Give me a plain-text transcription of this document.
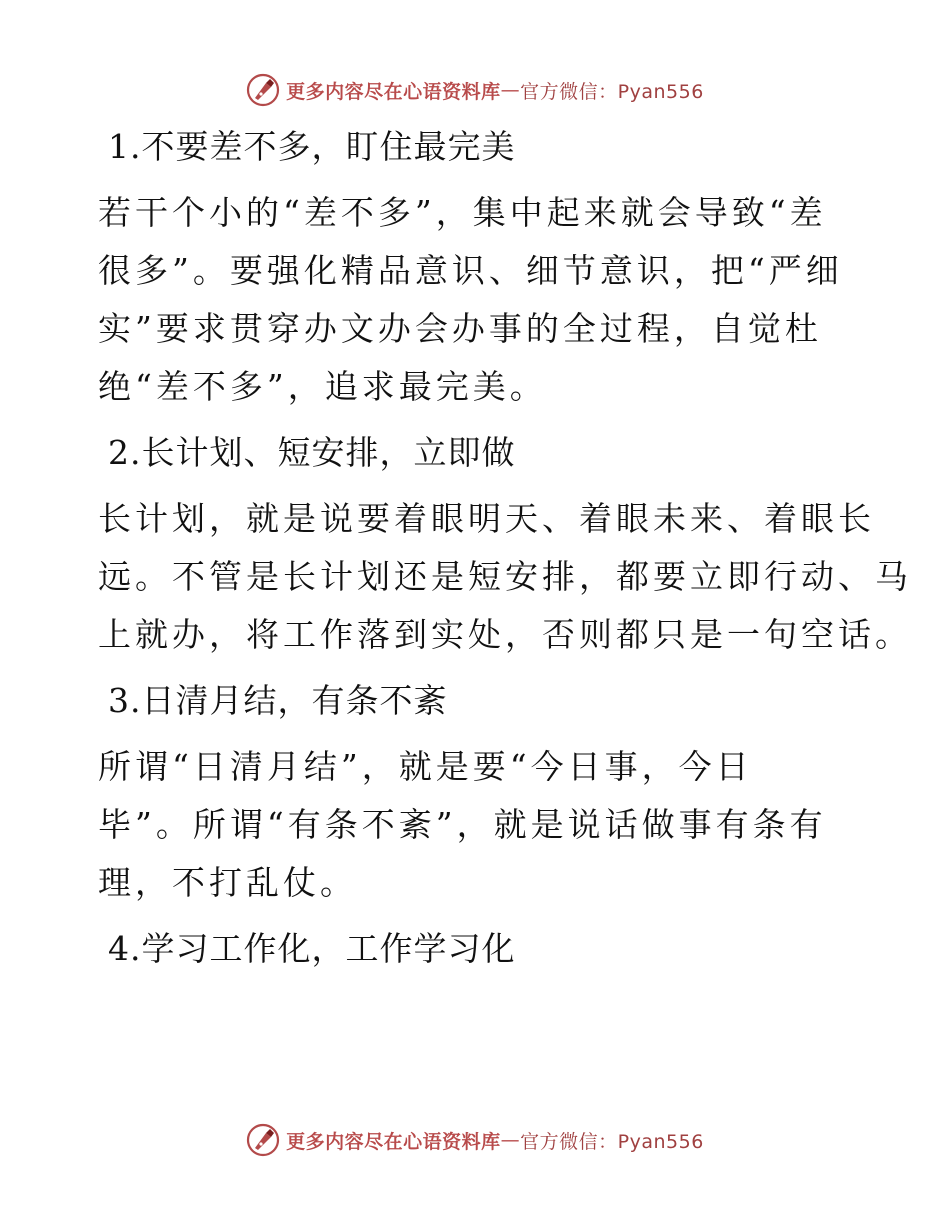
更多内容尽在心语资料库 — 官方微信：Pyan556
1.不要差不多，盯住最完美

若干个小的“差不多”，集中起来就会导致“差
很多”。要强化精品意识、细节意识，把“严细
实”要求贯穿办文办会办事的全过程，自觉杜
绝“差不多”，追求最完美。

2.长计划、短安排，立即做

长计划，就是说要着眼明天、着眼未来、着眼长
远。不管是长计划还是短安排，都要立即行动、马
上就办，将工作落到实处，否则都只是一句空话。

3.日清月结，有条不紊

所谓“日清月结”，就是要“今日事，今日
毕”。所谓“有条不紊”，就是说话做事有条有
理，不打乱仗。

4.学习工作化，工作学习化
更多内容尽在心语资料库 — 官方微信：Pyan556
